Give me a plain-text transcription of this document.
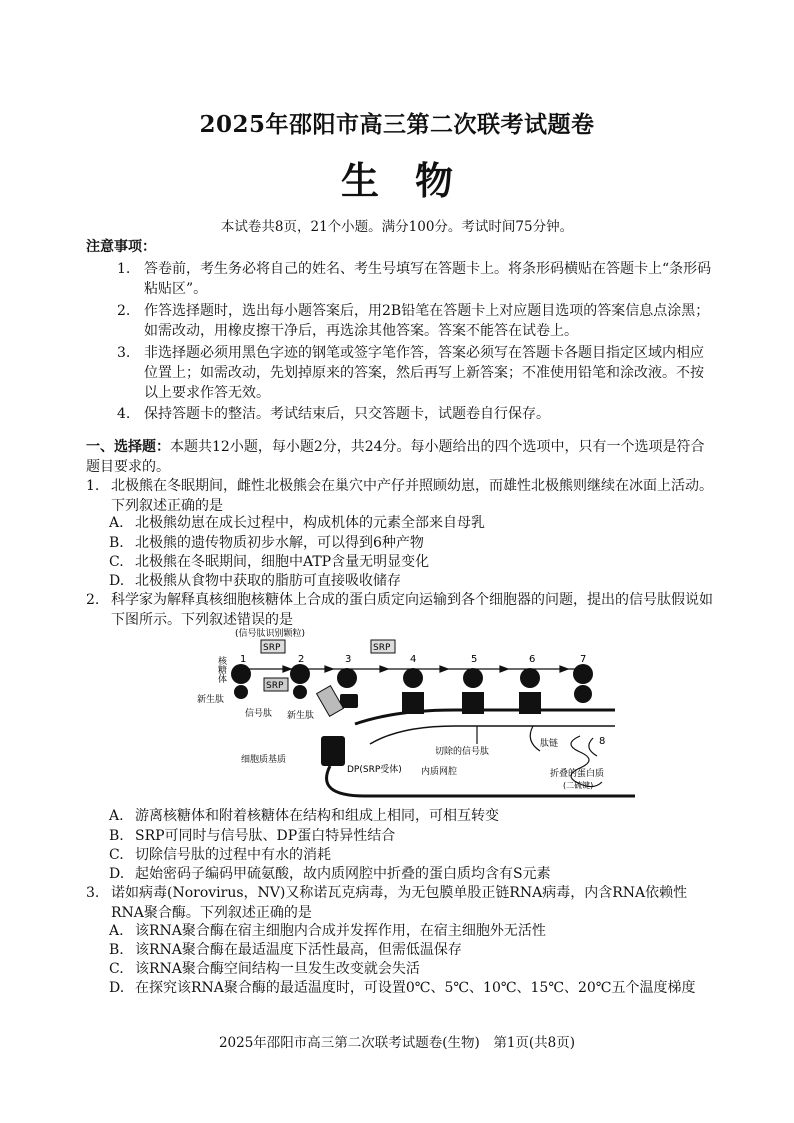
2025年邵阳市高三第二次联考试题卷
生物
本试卷共8页，21个小题。满分100分。考试时间75分钟。
注意事项：
1. 答卷前，考生务必将自己的姓名、考生号填写在答题卡上。将条形码横贴在答题卡上“条形码粘贴区”。
2. 作答选择题时，选出每小题答案后，用2B铅笔在答题卡上对应题目选项的答案信息点涂黑；如需改动，用橡皮擦干净后，再选涂其他答案。答案不能答在试卷上。
3. 非选择题必须用黑色字迹的钢笔或签字笔作答，答案必须写在答题卡各题目指定区域内相应位置上；如需改动，先划掉原来的答案，然后再写上新答案；不准使用铅笔和涂改液。不按以上要求作答无效。
4. 保持答题卡的整洁。考试结束后，只交答题卡，试题卷自行保存。
一、选择题：本题共12小题，每小题2分，共24分。每小题给出的四个选项中，只有一个选项是符合题目要求的。
1. 北极熊在冬眠期间，雌性北极熊会在巢穴中产仔并照顾幼崽，而雄性北极熊则继续在冰面上活动。下列叙述正确的是
A. 北极熊幼崽在成长过程中，构成机体的元素全部来自母乳
B. 北极熊的遗传物质初步水解，可以得到6种产物
C. 北极熊在冬眠期间，细胞中ATP含量无明显变化
D. 北极熊从食物中获取的脂肪可直接吸收储存
2. 科学家为解释真核细胞核糖体上合成的蛋白质定向运输到各个细胞器的问题，提出的信号肽假说如下图所示。下列叙述错误的是
SRP
SRP
SRP
(信号肽识别颗粒)
核糖体 1	2	3	4	5	6	7
8
新生肽
信号肽 新生肽
切除的信号肽
肽链
细胞质基质
DP(SRP受体) 内质网腔	折叠的蛋白质
(二硫键)
A. 游离核糖体和附着核糖体在结构和组成上相同，可相互转变
B. SRP可同时与信号肽、DP蛋白特异性结合
C. 切除信号肽的过程中有水的消耗
D. 起始密码子编码甲硫氨酸，故内质网腔中折叠的蛋白质均含有S元素
3. 诺如病毒(Norovirus，NV)又称诺瓦克病毒，为无包膜单股正链RNA病毒，内含RNA依赖性RNA聚合酶。下列叙述正确的是
A. 该RNA聚合酶在宿主细胞内合成并发挥作用，在宿主细胞外无活性
B. 该RNA聚合酶在最适温度下活性最高，但需低温保存
C. 该RNA聚合酶空间结构一旦发生改变就会失活
D. 在探究该RNA聚合酶的最适温度时，可设置0℃、5℃、10℃、15℃、20℃五个温度梯度
2025年邵阳市高三第二次联考试题卷(生物)　第1页(共8页)
